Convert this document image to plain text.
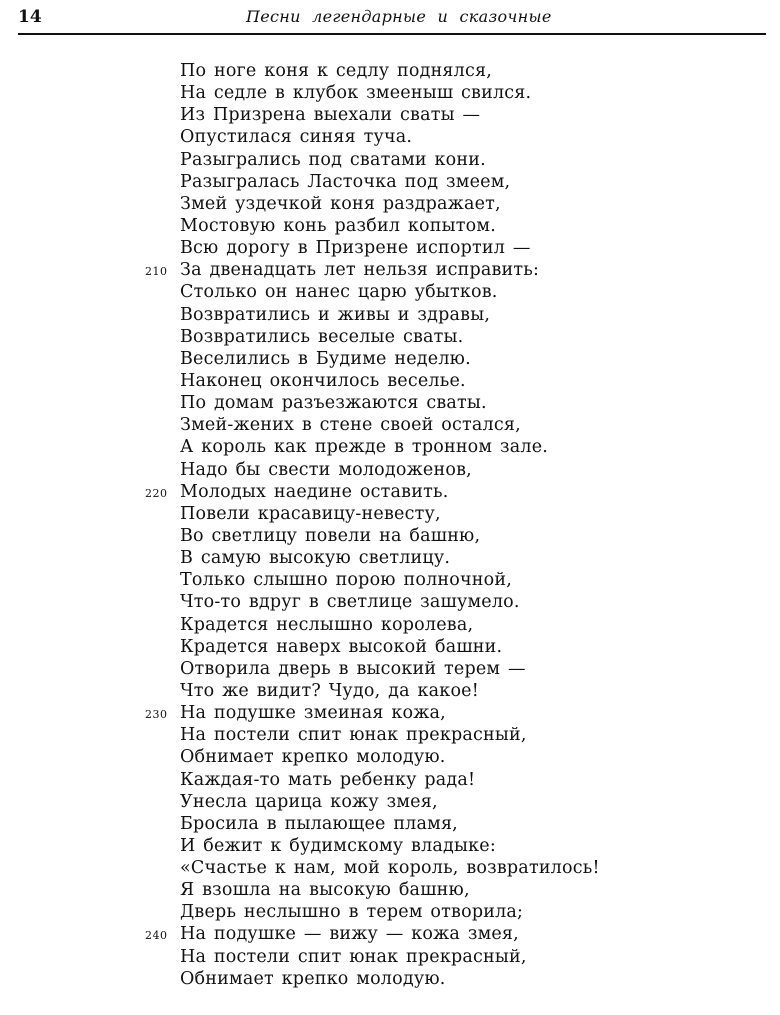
14	Песни легендарные и сказочные
По ноге коня к седлу поднялся,
На седле в клубок змееныш свился.
Из Призрена выехали сваты —
Опустилася синяя туча.
Разыгрались под сватами кони.
Разыгралась Ласточка под змеем,
Змей уздечкой коня раздражает,
Мостовую конь разбил копытом.
Всю дорогу в Призрене испортил —
210 За двенадцать лет нельзя исправить:
Столько он нанес царю убытков.
Возвратились и живы и здравы,
Возвратились веселые сваты.
Веселились в Будиме неделю.
Наконец окончилось веселье.
По домам разъезжаются сваты.
Змей-жених в стене своей остался,
А король как прежде в тронном зале.
Надо бы свести молодоженов,
220 Молодых наедине оставить.
Повели красавицу-невесту,
Во светлицу повели на башню,
В самую высокую светлицу.
Только слышно порою полночной,
Что-то вдруг в светлице зашумело.
Крадется неслышно королева,
Крадется наверх высокой башни.
Отворила дверь в высокий терем —
Что же видит? Чудо, да какое!
230 На подушке змеиная кожа,
На постели спит юнак прекрасный,
Обнимает крепко молодую.
Каждая-то мать ребенку рада!
Унесла царица кожу змея,
Бросила в пылающее пламя,
И бежит к будимскому владыке:
«Счастье к нам, мой король, возвратилось!
Я взошла на высокую башню,
Дверь неслышно в терем отворила;
240 На подушке — вижу — кожа змея,
На постели спит юнак прекрасный,
Обнимает крепко молодую.
